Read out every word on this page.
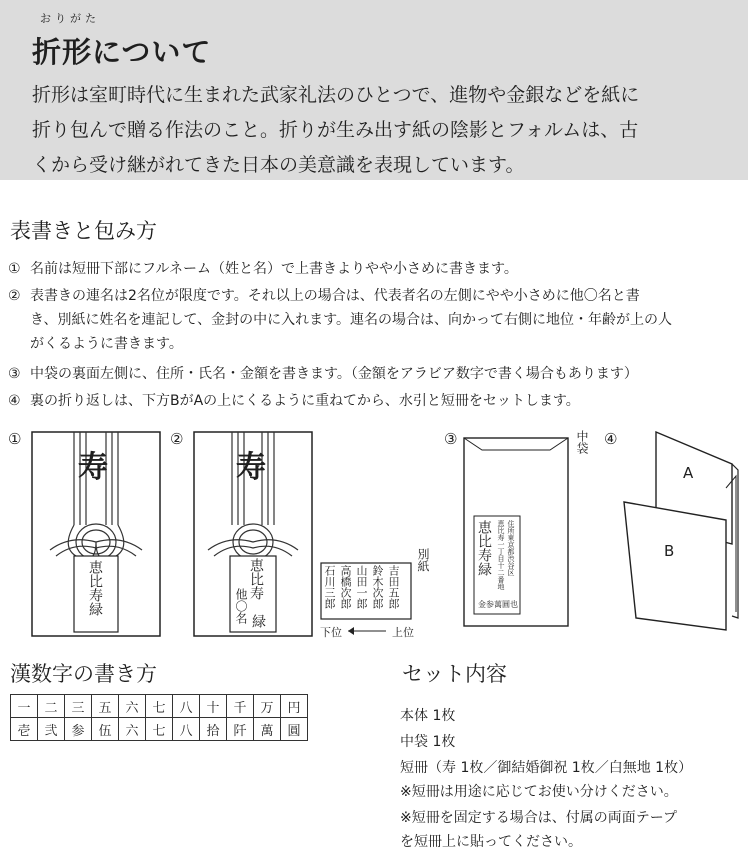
おりがた
折形について
折形は室町時代に生まれた武家礼法のひとつで、進物や金銀などを紙に
折り包んで贈る作法のこと。折りが生み出す紙の陰影とフォルムは、古
くから受け継がれてきた日本の美意識を表現しています。
表書きと包み方
① 名前は短冊下部にフルネーム（姓と名）で上書きよりやや小さめに書きます。
② 表書きの連名は2名位が限度です。それ以上の場合は、代表者名の左側にやや小さめに他〇名と書
き、別紙に姓名を連記して、金封の中に入れます。連名の場合は、向かって右側に地位・年齢が上の人
がくるように書きます。
③ 中袋の裏面左側に、住所・氏名・金額を書きます。（金額をアラビア数字で書く場合もあります）
④ 裏の折り返しは、下方BがAの上にくるように重ねてから、水引と短冊をセットします。
①
寿
恵比寿緑
②
寿
恵比寿
他〇名 緑
吉田五郎
鈴木次郎
山田一郎
高橋次郎
石川三郎
別紙
下位	上位
③	中袋
住所東京都渋谷区
恵比寿一丁目十二番地
恵比寿緑
金参萬圓也
④
A
B
漢数字の書き方
一	二	三	五	六	七	八	十	千	万	円
壱	弐	参	伍	六	七	八	拾	阡	萬	圓
セット内容
本体 1枚
中袋 1枚
短冊（寿 1枚／御結婚御祝 1枚／白無地 1枚）
※短冊は用途に応じてお使い分けください。
※短冊を固定する場合は、付属の両面テープ
を短冊上に貼ってください。
